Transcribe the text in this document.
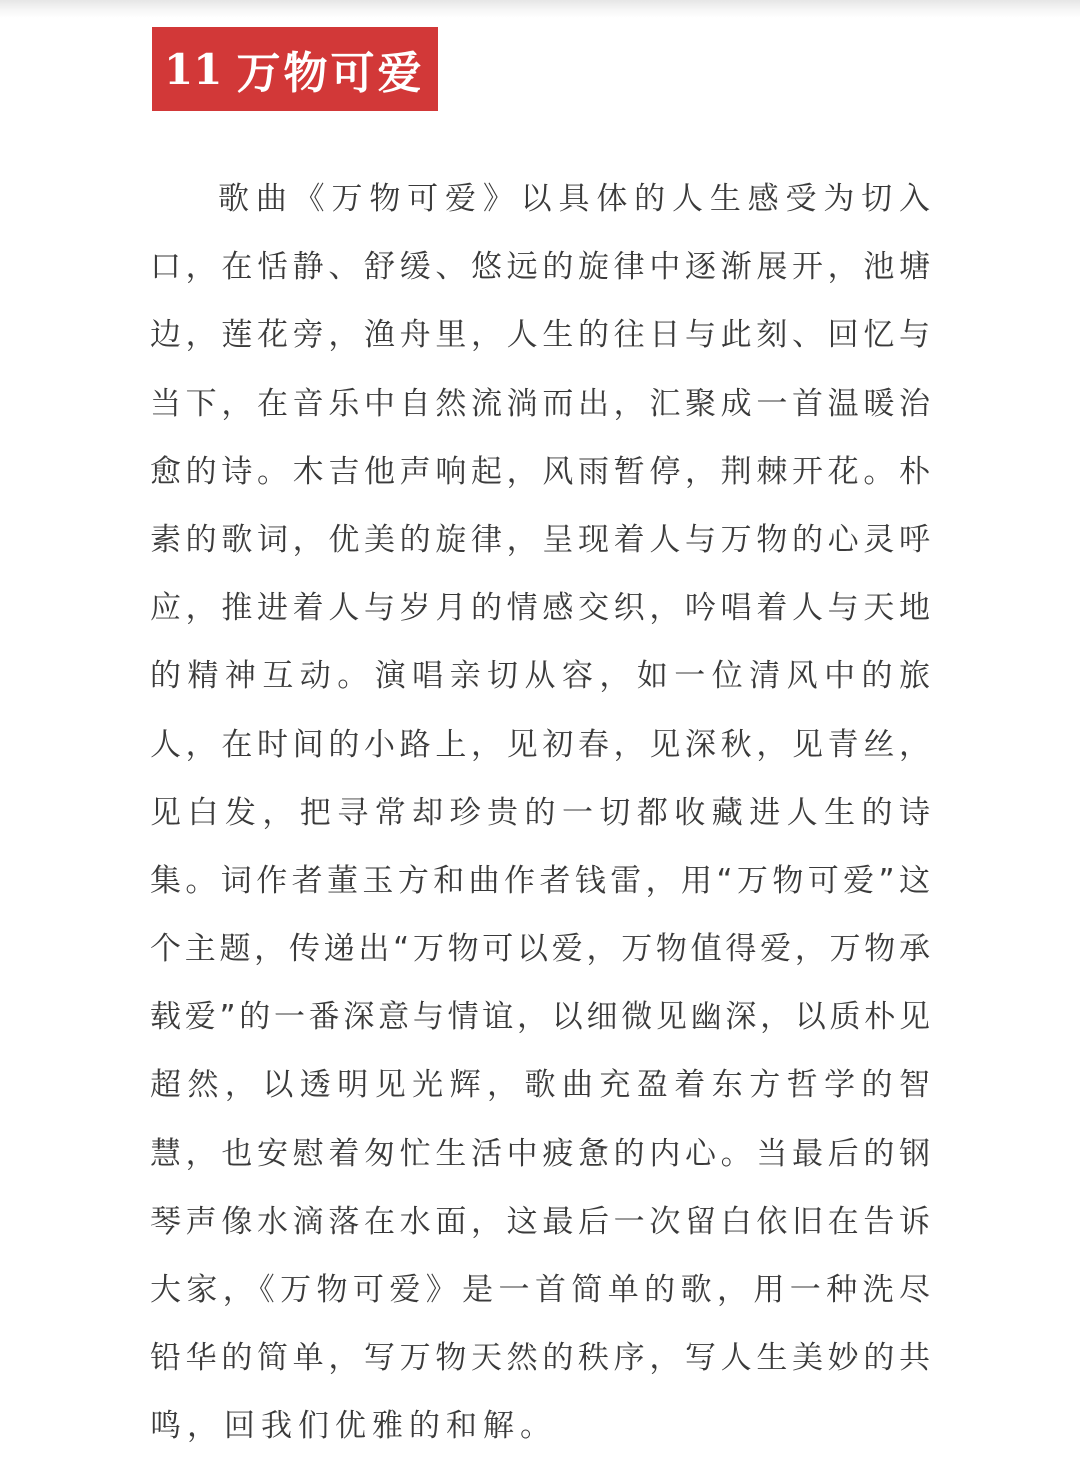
11 万物可爱
歌曲《万物可爱》以具体的人生感受为切入
口，在恬静、舒缓、悠远的旋律中逐渐展开，池塘
边，莲花旁，渔舟里，人生的往日与此刻、回忆与
当下，在音乐中自然流淌而出，汇聚成一首温暖治
愈的诗。木吉他声响起，风雨暂停，荆棘开花。朴
素的歌词，优美的旋律，呈现着人与万物的心灵呼
应，推进着人与岁月的情感交织，吟唱着人与天地
的精神互动。演唱亲切从容，如一位清风中的旅
人，在时间的小路上，见初春，见深秋，见青丝，
见白发，把寻常却珍贵的一切都收藏进人生的诗
集。词作者董玉方和曲作者钱雷，用“万物可爱”这
个主题，传递出“万物可以爱，万物值得爱，万物承
载爱”的一番深意与情谊，以细微见幽深，以质朴见
超然，以透明见光辉，歌曲充盈着东方哲学的智
慧，也安慰着匆忙生活中疲惫的内心。当最后的钢
琴声像水滴落在水面，这最后一次留白依旧在告诉
大家，《万物可爱》是一首简单的歌，用一种洗尽
铅华的简单，写万物天然的秩序，写人生美妙的共
鸣，回我们优雅的和解。
